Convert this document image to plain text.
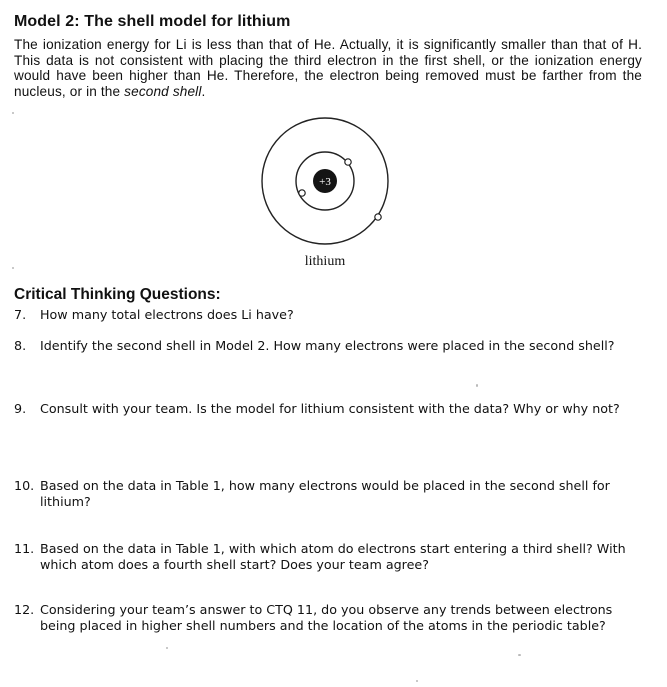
Model 2: The shell model for lithium
The ionization energy for Li is less than that of He. Actually, it is significantly smaller than that of H. This data is not consistent with placing the third electron in the first shell, or the ionization energy would have been higher than He. Therefore, the electron being removed must be farther from the nucleus, or in the second shell.
+3
lithium
Critical Thinking Questions:
7. How many total electrons does Li have?
8. Identify the second shell in Model 2. How many electrons were placed in the second shell?
9. Consult with your team. Is the model for lithium consistent with the data? Why or why not?
10. Based on the data in Table 1, how many electrons would be placed in the second shell for lithium?
11. Based on the data in Table 1, with which atom do electrons start entering a third shell? With which atom does a fourth shell start? Does your team agree?
12. Considering your team’s answer to CTQ 11, do you observe any trends between electrons being placed in higher shell numbers and the location of the atoms in the periodic table?
